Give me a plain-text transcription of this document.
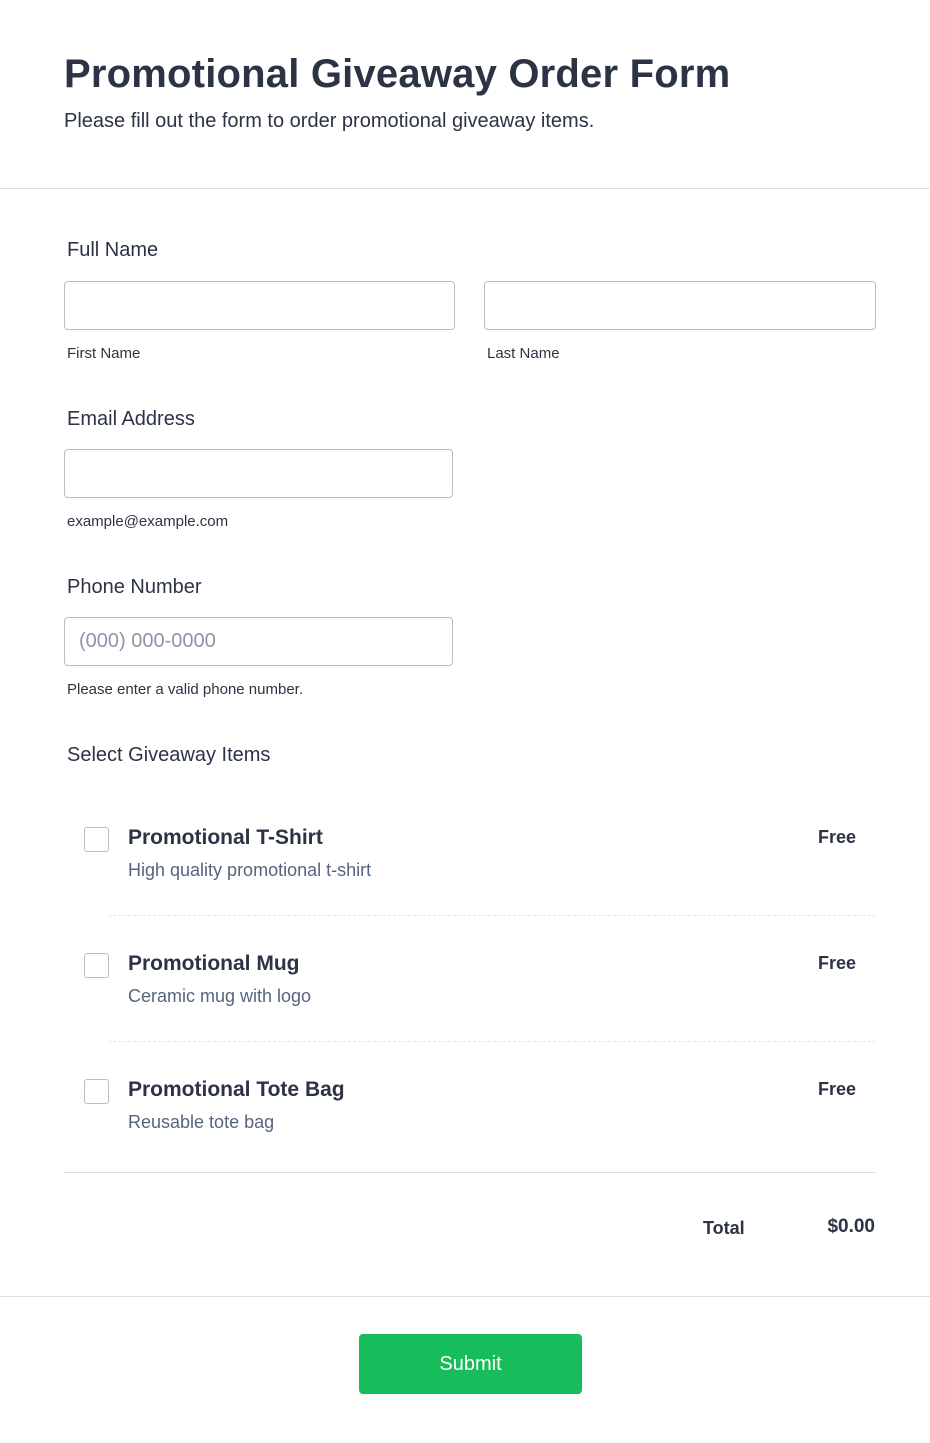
Promotional Giveaway Order Form

Please fill out the form to order promotional giveaway items.

Full Name
First Name	Last Name
Email Address
example@example.com
Phone Number
(000) 000-0000
Please enter a valid phone number.
Select Giveaway Items
Promotional T-Shirt
High quality promotional t-shirt
Free
Promotional Mug
Ceramic mug with logo
Free
Promotional Tote Bag
Reusable tote bag
Free
Total	$0.00
Submit
